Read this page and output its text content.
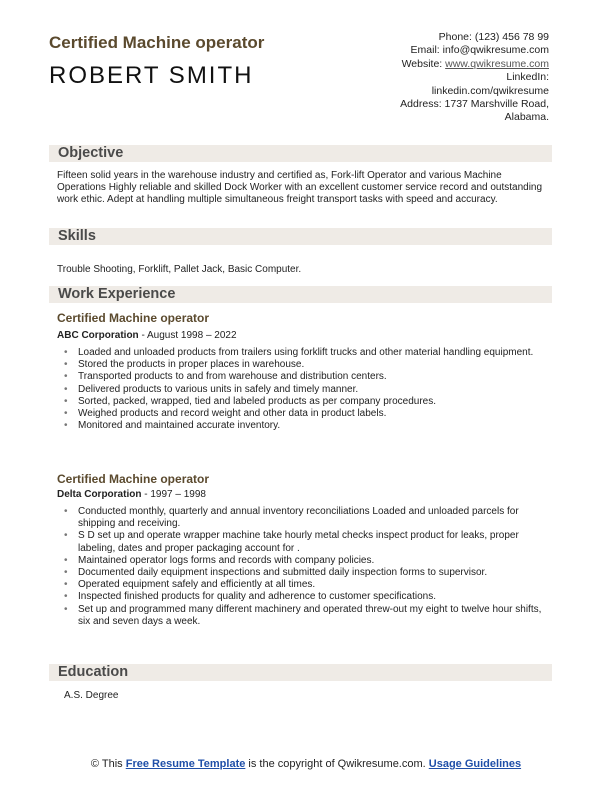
Certified Machine operator
ROBERT SMITH
Phone: (123) 456 78 99
Email: info@qwikresume.com
Website: www.qwikresume.com
LinkedIn:
linkedin.com/qwikresume
Address: 1737 Marshville Road,
Alabama.
Objective
Fifteen solid years in the warehouse industry and certified as, Fork-lift Operator and various Machine Operations Highly reliable and skilled Dock Worker with an excellent customer service record and outstanding work ethic. Adept at handling multiple simultaneous freight transport tasks with speed and accuracy.
Skills
Trouble Shooting, Forklift, Pallet Jack, Basic Computer.
Work Experience
Certified Machine operator
ABC Corporation - August 1998 – 2022
• Loaded and unloaded products from trailers using forklift trucks and other material handling equipment.
• Stored the products in proper places in warehouse.
• Transported products to and from warehouse and distribution centers.
• Delivered products to various units in safely and timely manner.
• Sorted, packed, wrapped, tied and labeled products as per company procedures.
• Weighed products and record weight and other data in product labels.
• Monitored and maintained accurate inventory.
Certified Machine operator
Delta Corporation - 1997 – 1998
• Conducted monthly, quarterly and annual inventory reconciliations Loaded and unloaded parcels for shipping and receiving.
• S D set up and operate wrapper machine take hourly metal checks inspect product for leaks, proper labeling, dates and proper packaging account for .
• Maintained operator logs forms and records with company policies.
• Documented daily equipment inspections and submitted daily inspection forms to supervisor.
• Operated equipment safely and efficiently at all times.
• Inspected finished products for quality and adherence to customer specifications.
• Set up and programmed many different machinery and operated threw-out my eight to twelve hour shifts, six and seven days a week.
Education
A.S. Degree
© This Free Resume Template is the copyright of Qwikresume.com. Usage Guidelines
